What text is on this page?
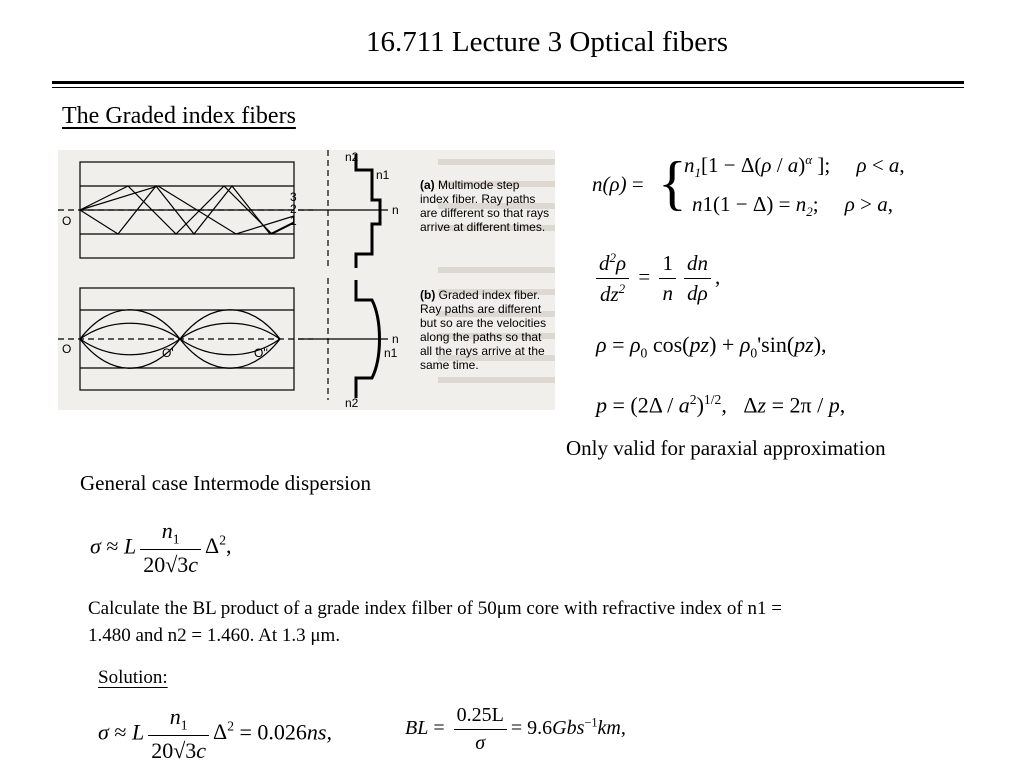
16.711 Lecture 3 Optical fibers
The Graded index fibers
O
O	O'	O''
n
n1
n2
n
n1
n2
3
2
1
(a) Multimode step index fiber. Ray paths are different so that rays arrive at different times.
(b) Graded index fiber. Ray paths are different but so are the velocities along the paths so that all the rays arrive at the same time.
n(ρ) = {
$n_1[1 - \Delta(\rho / a)^\alpha$ ];     ρ < a,
$n1(1 - \Delta) = n_2$;     ρ > a,
$\frac{d^2\rho}{dz^2} = \frac{1}{n} \frac{dn}{d\rho}$ ,
$\rho = \rho_0$ $\cos(pz) + \rho_0'\sin(pz)$,
$p = (2\Delta / a^2)^{1/2}$,   Δz = 2π / p,
Only valid for paraxial approximation
General case Intermode dispersion
σ ≈ L $\frac{n_1}{20√3c} \Delta^2$,
Calculate the BL product of a grade index filber of 50μm core with refractive index of n1 =
1.480 and n2 = 1.460. At 1.3 μm.
Solution:
σ ≈ L $\frac{n_1}{20√3c} \Delta^2 = 0.026ns$,	BL = $\frac{0.25L}{\sigma} = 9.6Gbs^{-1}km$,
